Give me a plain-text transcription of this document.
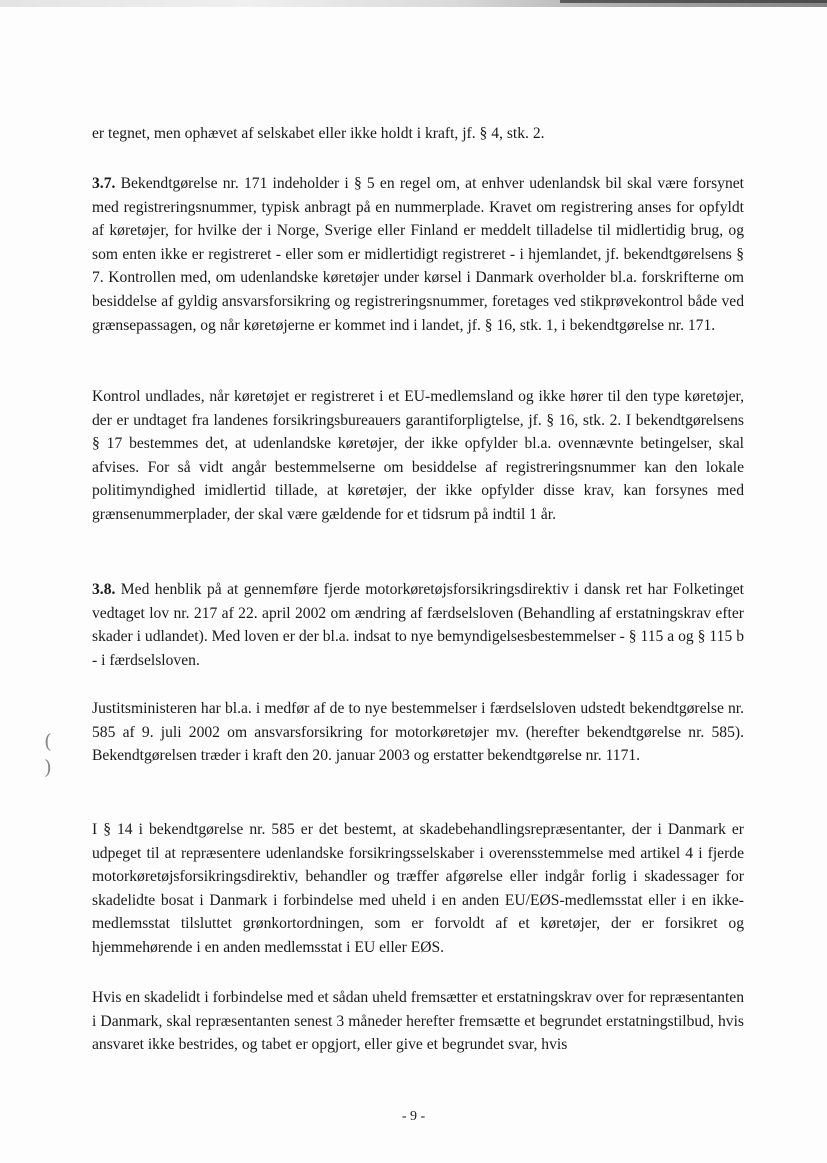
( )

er tegnet, men ophævet af selskabet eller ikke holdt i kraft, jf. § 4, stk. 2.

3.7. Bekendtgørelse nr. 171 indeholder i § 5 en regel om, at enhver udenlandsk bil skal være forsynet med registreringsnummer, typisk anbragt på en nummerplade. Kravet om registrering anses for opfyldt af køretøjer, for hvilke der i Norge, Sverige eller Finland er meddelt tilladelse til midlertidig brug, og som enten ikke er registreret - eller som er midlertidigt registreret - i hjemlandet, jf. bekendtgørelsens § 7. Kontrollen med, om udenlandske køretøjer under kørsel i Danmark overholder bl.a. forskrifterne om besiddelse af gyldig ansvarsforsikring og registreringsnummer, foretages ved stikprøvekontrol både ved grænsepassagen, og når køretøjerne er kommet ind i landet, jf. § 16, stk. 1, i bekendtgørelse nr. 171.

Kontrol undlades, når køretøjet er registreret i et EU-medlemsland og ikke hører til den type køretøjer, der er undtaget fra landenes forsikringsbureauers garantiforpligtelse, jf. § 16, stk. 2. I bekendtgørelsens § 17 bestemmes det, at udenlandske køretøjer, der ikke opfylder bl.a. ovennævnte betingelser, skal afvises. For så vidt angår bestemmelserne om besiddelse af registreringsnummer kan den lokale politimyndighed imidlertid tillade, at køretøjer, der ikke opfylder disse krav, kan forsynes med grænsenummerplader, der skal være gældende for et tidsrum på indtil 1 år.

3.8. Med henblik på at gennemføre fjerde motorkøretøjsforsikringsdirektiv i dansk ret har Folketinget vedtaget lov nr. 217 af 22. april 2002 om ændring af færdselsloven (Behandling af erstatningskrav efter skader i udlandet). Med loven er der bl.a. indsat to nye bemyndigelsesbestemmelser - § 115 a og § 115 b - i færdselsloven.

Justitsministeren har bl.a. i medfør af de to nye bestemmelser i færdselsloven udstedt bekendtgørelse nr. 585 af 9. juli 2002 om ansvarsforsikring for motorkøretøjer mv. (herefter bekendtgørelse nr. 585). Bekendtgørelsen træder i kraft den 20. januar 2003 og erstatter bekendtgørelse nr. 1171.

I § 14 i bekendtgørelse nr. 585 er det bestemt, at skadebehandlingsrepræsentanter, der i Danmark er udpeget til at repræsentere udenlandske forsikringsselskaber i overensstemmelse med artikel 4 i fjerde motorkøretøjsforsikringsdirektiv, behandler og træffer afgørelse eller indgår forlig i skadessager for skadelidte bosat i Danmark i forbindelse med uheld i en anden EU/EØS-medlemsstat eller i en ikke-medlemsstat tilsluttet grønkortordningen, som er forvoldt af et køretøjer, der er forsikret og hjemmehørende i en anden medlemsstat i EU eller EØS.

Hvis en skadelidt i forbindelse med et sådan uheld fremsætter et erstatningskrav over for repræsentanten i Danmark, skal repræsentanten senest 3 måneder herefter fremsætte et begrundet erstatningstilbud, hvis ansvaret ikke bestrides, og tabet er opgjort, eller give et begrundet svar, hvis

- 9 -
